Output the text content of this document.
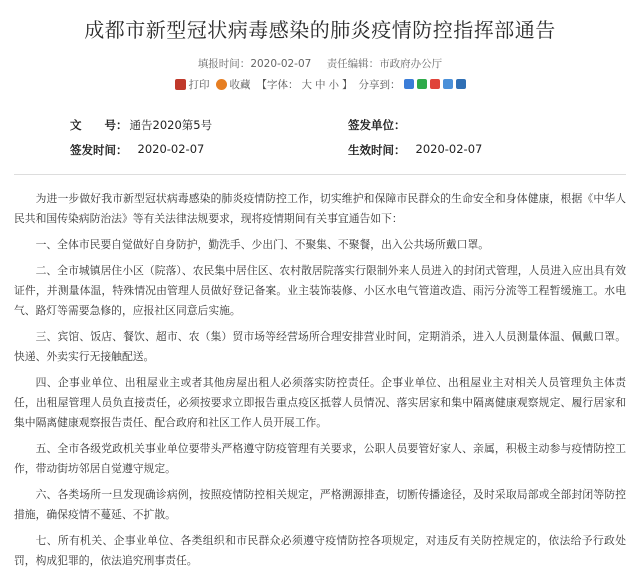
成都市新型冠状病毒感染的肺炎疫情防控指挥部通告
填报时间：2020-02-07 责任编辑：市政府办公厅
打印 收藏 【字体： 大 中 小 】 分享到：
文　　号： 通告2020第5号	签发单位：
签发时间： 2020-02-07	生效时间： 2020-02-07

为进一步做好我市新型冠状病毒感染的肺炎疫情防控工作，切实维护和保障市民群众的生命安全和身体健康，根据《中华人民共和国传染病防治法》等有关法律法规要求，现将疫情期间有关事宜通告如下：

一、全体市民要自觉做好自身防护，勤洗手、少出门、不聚集、不聚餐，出入公共场所戴口罩。

二、全市城镇居住小区（院落）、农民集中居住区、农村散居院落实行限制外来人员进入的封闭式管理，人员进入应出具有效证件，并测量体温，特殊情况由管理人员做好登记备案。业主装饰装修、小区水电气管道改造、雨污分流等工程暂缓施工。水电气、路灯等需要急修的，应报社区同意后实施。

三、宾馆、饭店、餐饮、超市、农（集）贸市场等经营场所合理安排营业时间，定期消杀，进入人员测量体温、佩戴口罩。快递、外卖实行无接触配送。

四、企事业单位、出租屋业主或者其他房屋出租人必须落实防控责任。企事业单位、出租屋业主对相关人员管理负主体责任，出租屋管理人员负直接责任，必须按要求立即报告重点疫区抵蓉人员情况、落实居家和集中隔离健康观察规定、履行居家和集中隔离健康观察报告责任、配合政府和社区工作人员开展工作。

五、全市各级党政机关事业单位要带头严格遵守防疫管理有关要求，公职人员要管好家人、亲属，积极主动参与疫情防控工作，带动街坊邻居自觉遵守规定。

六、各类场所一旦发现确诊病例，按照疫情防控相关规定，严格溯源排查，切断传播途径，及时采取局部或全部封闭等防控措施，确保疫情不蔓延、不扩散。

七、所有机关、企事业单位、各类组织和市民群众必须遵守疫情防控各项规定，对违反有关防控规定的，依法给予行政处罚，构成犯罪的，依法追究刑事责任。
